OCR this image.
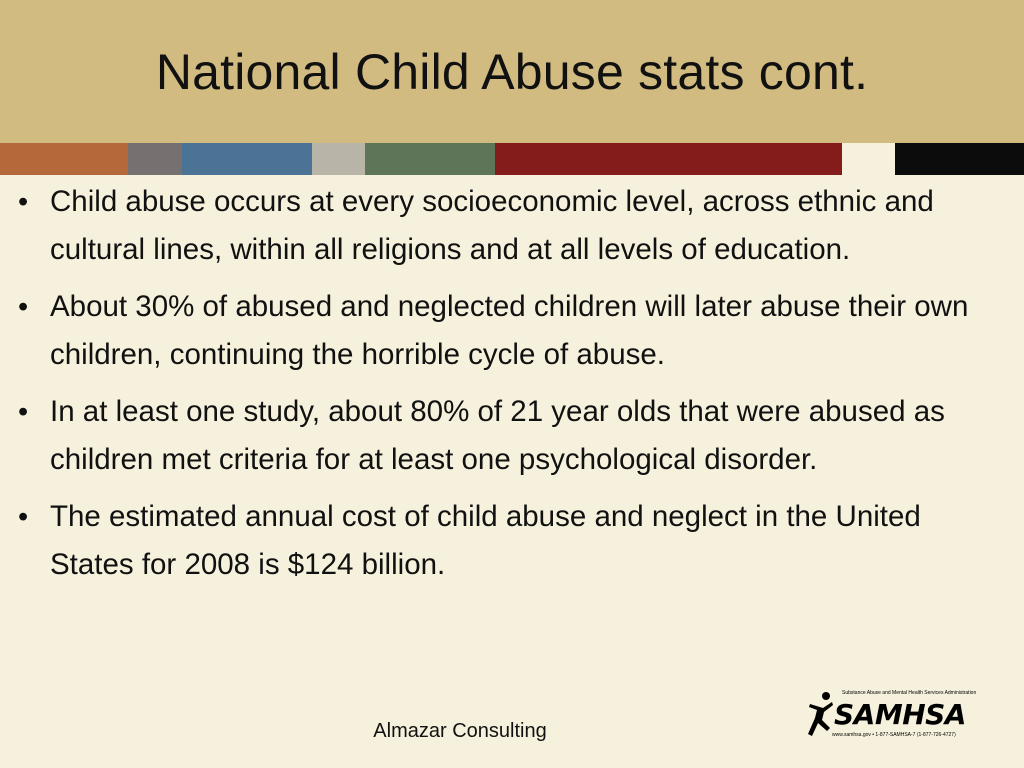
National Child Abuse stats cont.
• Child abuse occurs at every socioeconomic level, across ethnic and cultural lines, within all religions and at all levels of education.
• About 30% of abused and neglected children will later abuse their own children, continuing the horrible cycle of abuse.
• In at least one study, about 80% of 21 year olds that were abused as children met criteria for at least one psychological disorder.
• The estimated annual cost of child abuse and neglect in the United States for 2008 is $124 billion.
Almazar Consulting
Substance Abuse and Mental Health Services Administration
SAMHSA
www.samhsa.gov • 1-877-SAMHSA-7 (1-877-726-4727)
